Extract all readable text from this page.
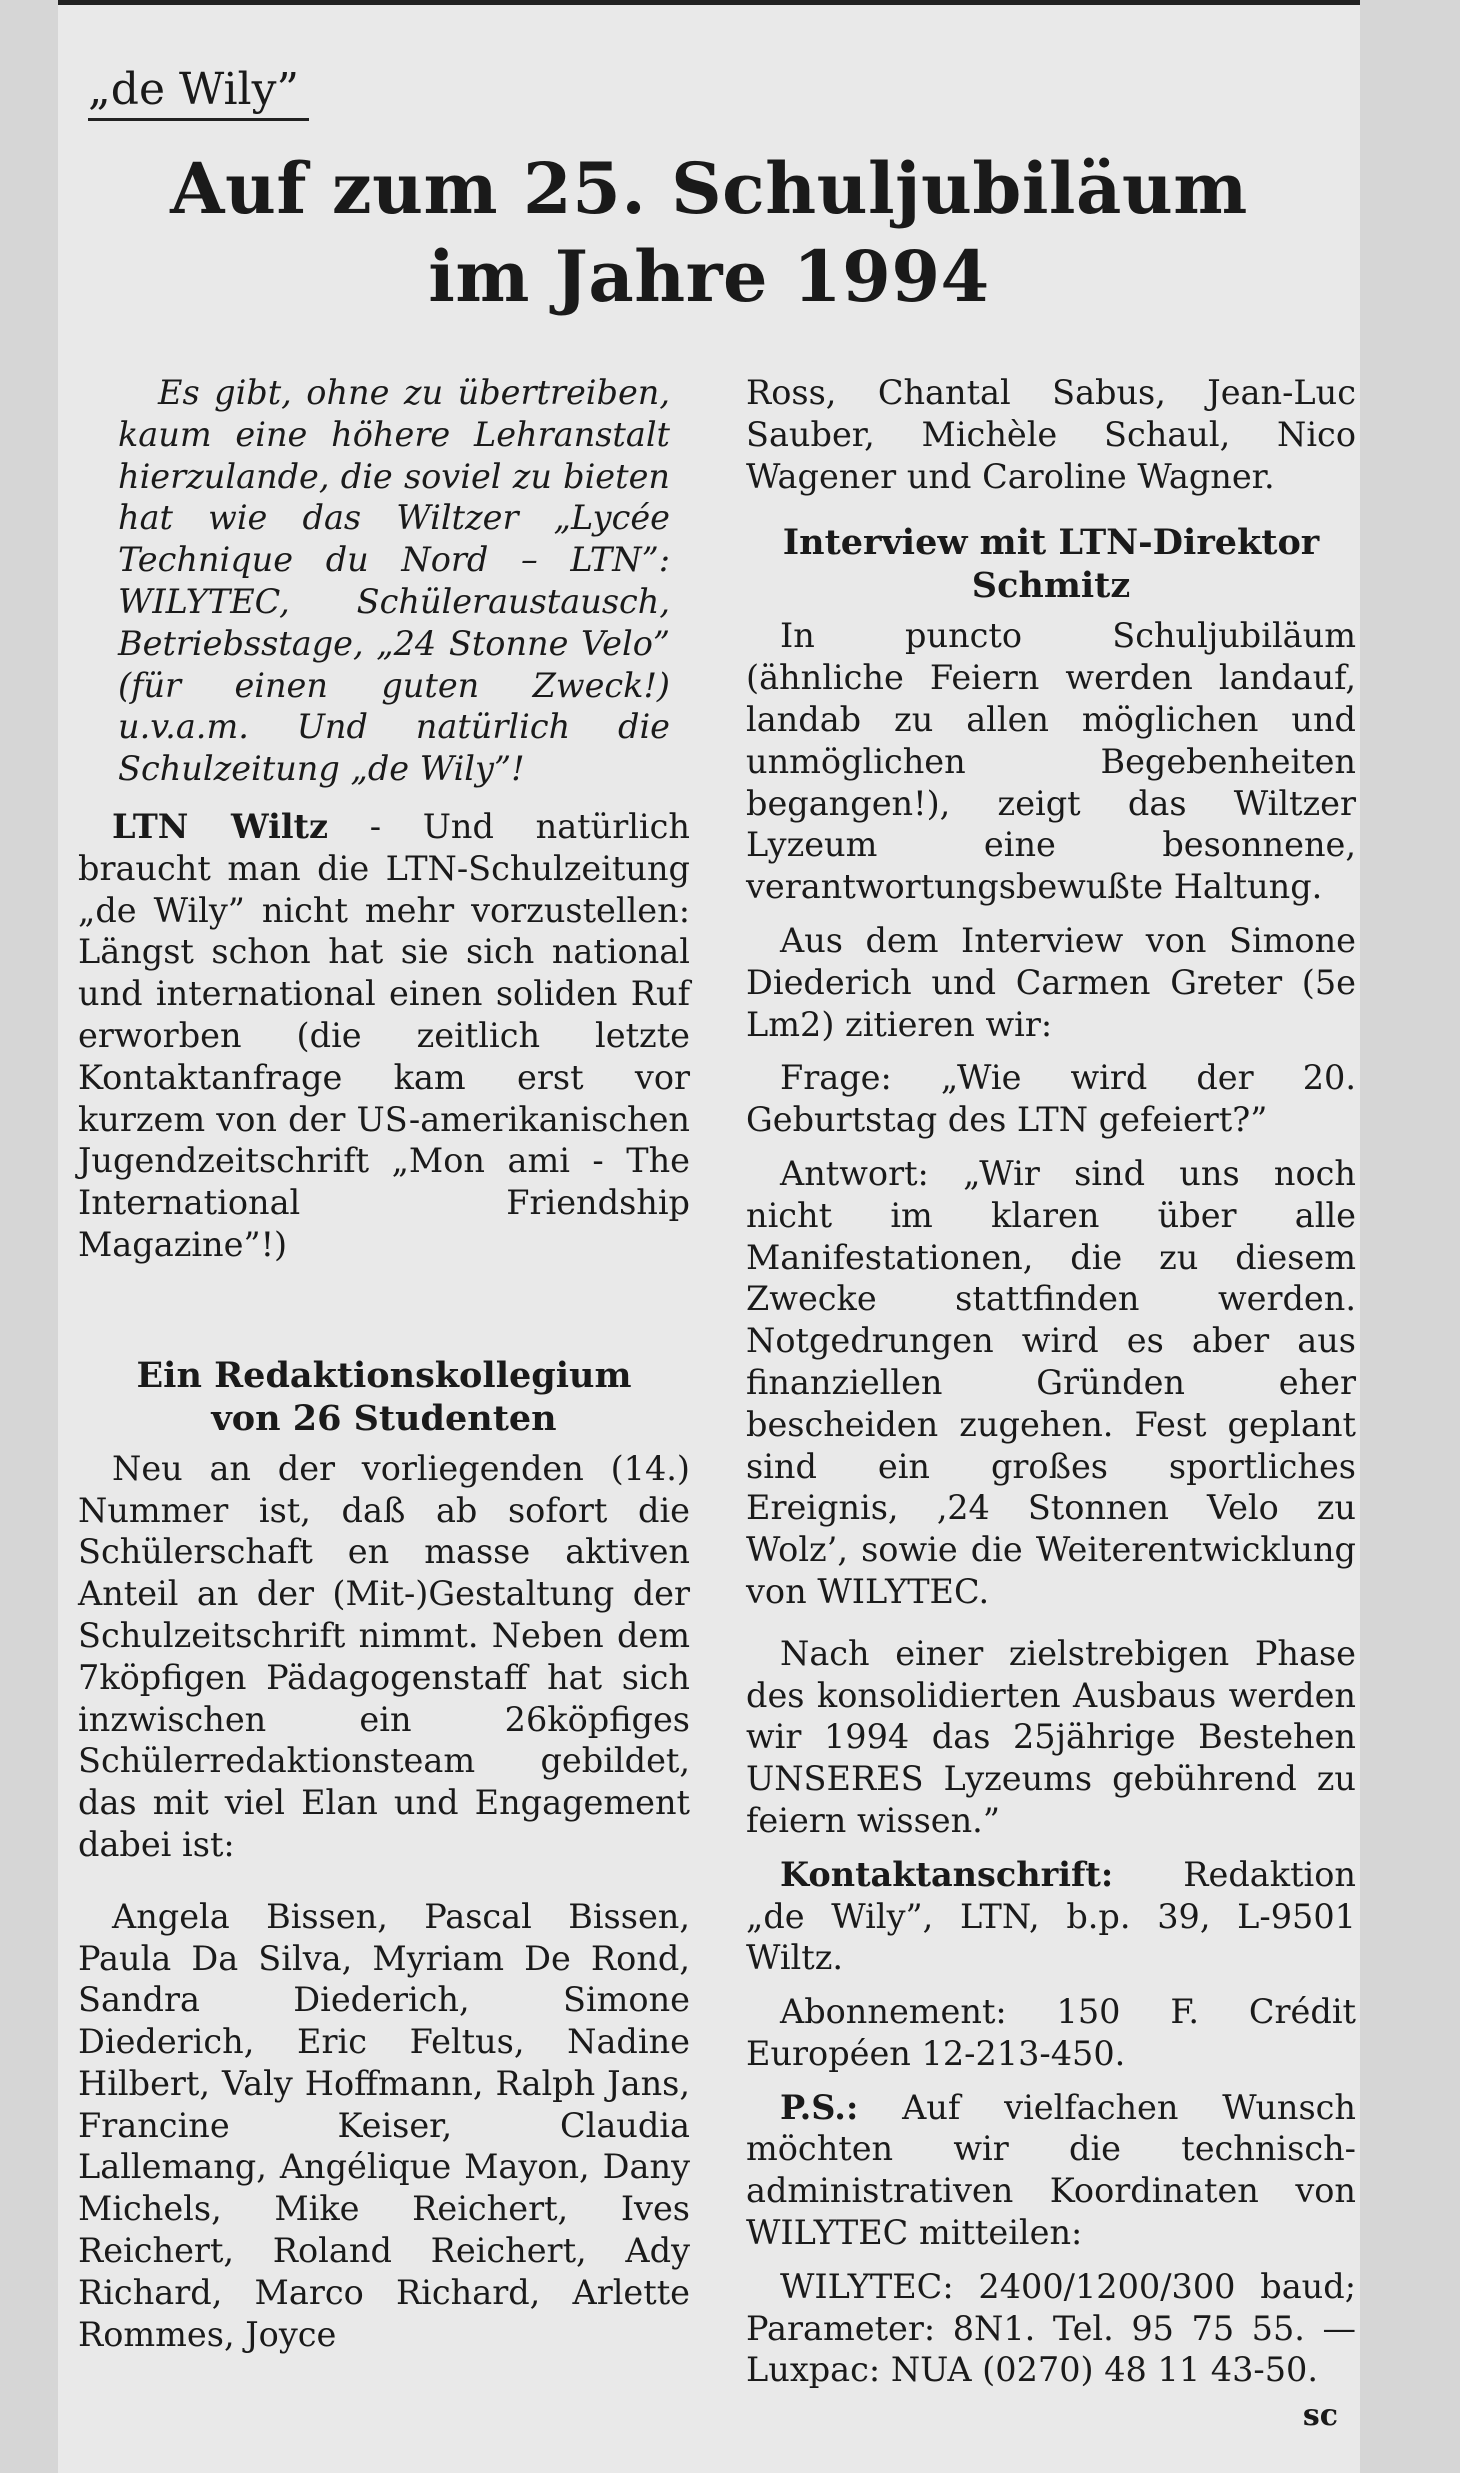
„de Wily”
Auf zum 25. Schuljubiläum
im Jahre 1994

Es gibt, ohne zu übertreiben, kaum eine höhere Lehranstalt hierzulande, die soviel zu bieten hat wie das Wiltzer „Lycée Technique du Nord – LTN”: WILYTEC, Schüleraustausch, Betriebsstage, „24 Stonne Velo” (für einen guten Zweck!) u.v.a.m. Und natürlich die Schulzeitung „de Wily”!

LTN Wiltz - Und natürlich braucht man die LTN-Schulzeitung „de Wily” nicht mehr vorzustellen: Längst schon hat sie sich national und international einen soliden Ruf erworben (die zeitlich letzte Kontaktanfrage kam erst vor kurzem von der US-amerikanischen Jugendzeitschrift „Mon ami - The International Friendship Magazine”!)

Ein Redaktionskollegium
von 26 Studenten

Neu an der vorliegenden (14.) Nummer ist, daß ab sofort die Schülerschaft en masse aktiven Anteil an der (Mit-)Gestaltung der Schulzeitschrift nimmt. Neben dem 7köpfigen Pädagogenstaff hat sich inzwischen ein 26köpfiges Schülerredaktionsteam gebildet, das mit viel Elan und Engagement dabei ist:

Angela Bissen, Pascal Bissen, Paula Da Silva, Myriam De Rond, Sandra Diederich, Simone Diederich, Eric Feltus, Nadine Hilbert, Valy Hoffmann, Ralph Jans, Francine Keiser, Claudia Lallemang, Angélique Mayon, Dany Michels, Mike Reichert, Ives Reichert, Roland Reichert, Ady Richard, Marco Richard, Arlette Rommes, Joyce

Ross, Chantal Sabus, Jean-Luc Sauber, Michèle Schaul, Nico Wagener und Caroline Wagner.

Interview mit LTN-Direktor
Schmitz

In puncto Schuljubiläum (ähnliche Feiern werden landauf, landab zu allen möglichen und unmöglichen Begebenheiten begangen!), zeigt das Wiltzer Lyzeum eine besonnene, verantwortungsbewußte Haltung.

Aus dem Interview von Simone Diederich und Carmen Greter (5e Lm2) zitieren wir:

Frage: „Wie wird der 20. Geburtstag des LTN gefeiert?”

Antwort: „Wir sind uns noch nicht im klaren über alle Manifestationen, die zu diesem Zwecke stattfinden werden. Notgedrungen wird es aber aus finanziellen Gründen eher bescheiden zugehen. Fest geplant sind ein großes sportliches Ereignis, ‚24 Stonnen Velo zu Wolz’, sowie die Weiterentwicklung von WILYTEC.

Nach einer zielstrebigen Phase des konsolidierten Ausbaus werden wir 1994 das 25jährige Bestehen UNSERES Lyzeums gebührend zu feiern wissen.”

Kontaktanschrift: Redaktion „de Wily”, LTN, b.p. 39, L-9501 Wiltz.

Abonnement: 150 F. Crédit Européen 12-213-450.

P.S.: Auf vielfachen Wunsch möchten wir die technisch-administrativen Koordinaten von WILYTEC mitteilen:

WILYTEC: 2400/1200/300 baud; Parameter: 8N1. Tel. 95 75 55. — Luxpac: NUA (0270) 48 11 43-50.

sc
